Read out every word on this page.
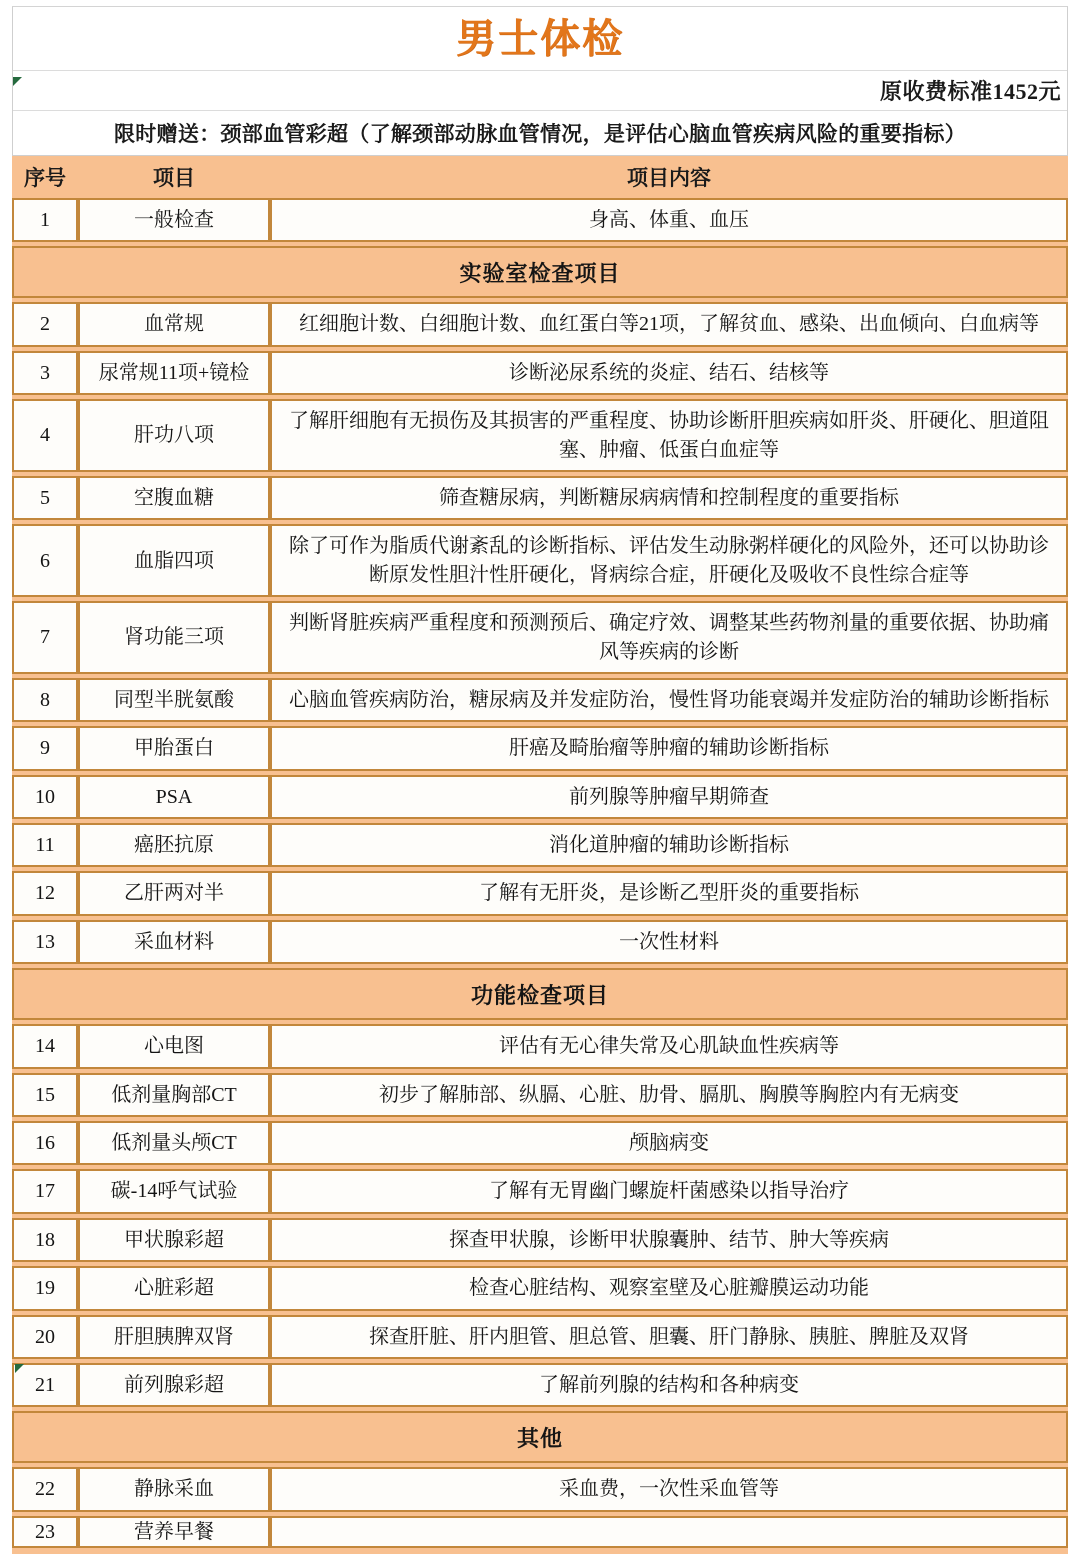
男士体检
原收费标准1452元
限时赠送：颈部血管彩超（了解颈部动脉血管情况，是评估心脑血管疾病风险的重要指标）
序号	项目	项目内容
1	一般检查	身高、体重、血压

实验室检查项目		

2	血常规	红细胞计数、白细胞计数、血红蛋白等21项，了解贫血、感染、出血倾向、白血病等

3	尿常规11项+镜检	诊断泌尿系统的炎症、结石、结核等

4	肝功八项	了解肝细胞有无损伤及其损害的严重程度、协助诊断肝胆疾病如肝炎、肝硬化、胆道阻塞、肿瘤、低蛋白血症等

5	空腹血糖	筛查糖尿病，判断糖尿病病情和控制程度的重要指标

6	血脂四项	除了可作为脂质代谢紊乱的诊断指标、评估发生动脉粥样硬化的风险外，还可以协助诊断原发性胆汁性肝硬化，肾病综合症，肝硬化及吸收不良性综合症等

7	肾功能三项	判断肾脏疾病严重程度和预测预后、确定疗效、调整某些药物剂量的重要依据、协助痛风等疾病的诊断

8	同型半胱氨酸	心脑血管疾病防治，糖尿病及并发症防治，慢性肾功能衰竭并发症防治的辅助诊断指标

9	甲胎蛋白	肝癌及畸胎瘤等肿瘤的辅助诊断指标

10	PSA	前列腺等肿瘤早期筛查

11	癌胚抗原	消化道肿瘤的辅助诊断指标

12	乙肝两对半	了解有无肝炎，是诊断乙型肝炎的重要指标

13	采血材料	一次性材料

功能检查项目		

14	心电图	评估有无心律失常及心肌缺血性疾病等

15	低剂量胸部CT	初步了解肺部、纵膈、心脏、肋骨、膈肌、胸膜等胸腔内有无病变

16	低剂量头颅CT	颅脑病变

17	碳-14呼气试验	了解有无胃幽门螺旋杆菌感染以指导治疗

18	甲状腺彩超	探查甲状腺，诊断甲状腺囊肿、结节、肿大等疾病

19	心脏彩超	检查心脏结构、观察室壁及心脏瓣膜运动功能

20	肝胆胰脾双肾	探查肝脏、肝内胆管、胆总管、胆囊、肝门静脉、胰脏、脾脏及双肾

21	前列腺彩超	了解前列腺的结构和各种病变

其他		

22	静脉采血	采血费，一次性采血管等

23	营养早餐	
